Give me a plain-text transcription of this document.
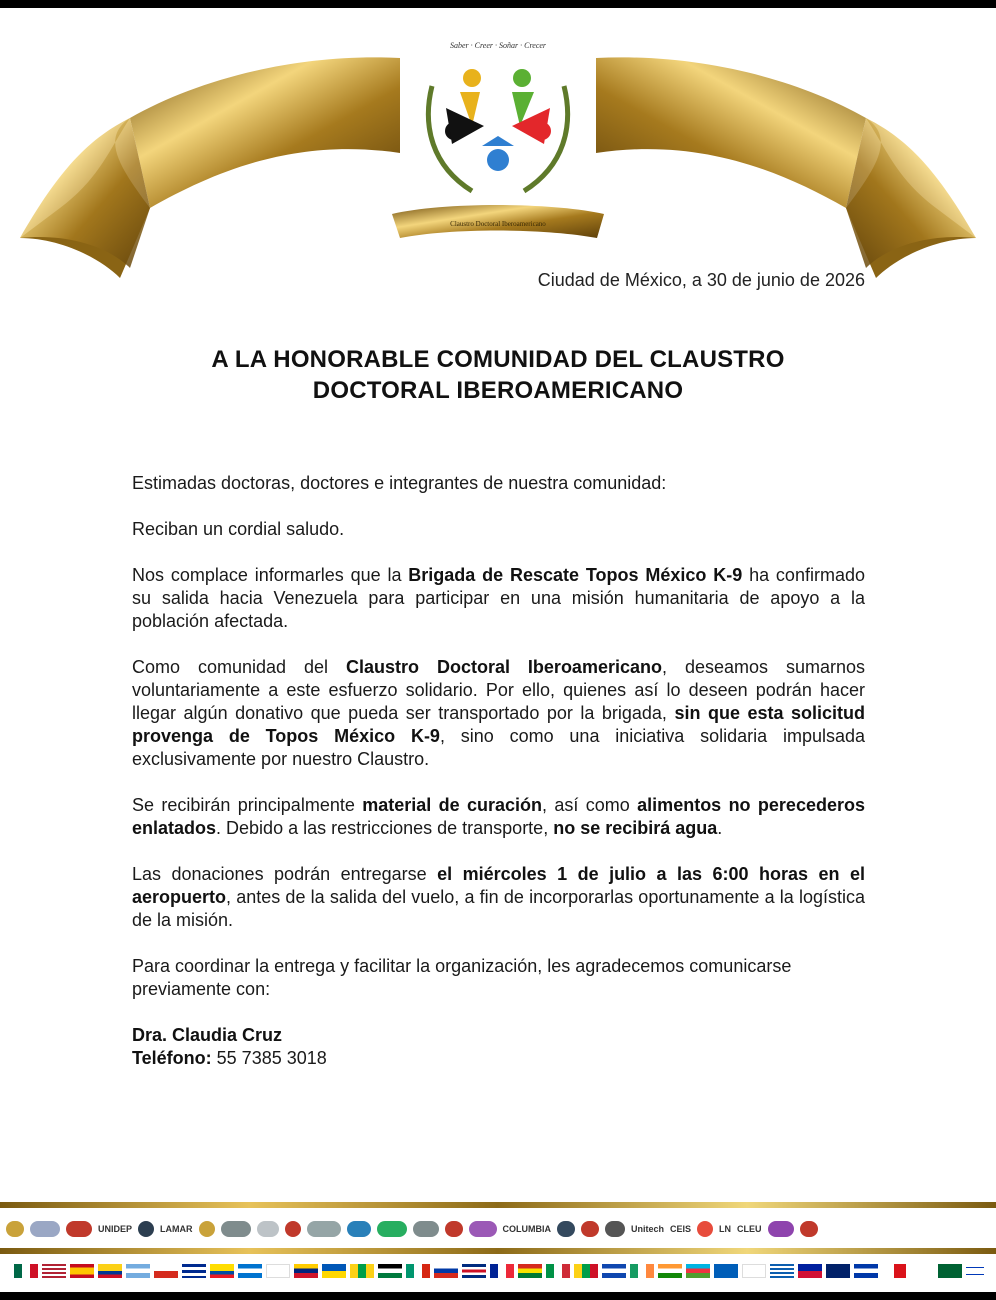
Claustro Doctoral Iberoamericano
Saber · Creer · Soñar · Crecer
Ciudad de México, a 30 de junio de 2026
A LA HONORABLE COMUNIDAD DEL CLAUSTRO
DOCTORAL IBEROAMERICANO

Estimadas doctoras, doctores e integrantes de nuestra comunidad:

Reciban un cordial saludo.

Nos complace informarles que la Brigada de Rescate Topos México K-9 ha confirmado su salida hacia Venezuela para participar en una misión humanitaria de apoyo a la población afectada.

Como comunidad del Claustro Doctoral Iberoamericano, deseamos sumarnos voluntariamente a este esfuerzo solidario. Por ello, quienes así lo deseen podrán hacer llegar algún donativo que pueda ser transportado por la brigada, sin que esta solicitud provenga de Topos México K-9, sino como una iniciativa solidaria impulsada exclusivamente por nuestro Claustro.

Se recibirán principalmente material de curación, así como alimentos no perecederos enlatados. Debido a las restricciones de transporte, no se recibirá agua.

Las donaciones podrán entregarse el miércoles 1 de julio a las 6:00 horas en el aeropuerto, antes de la salida del vuelo, a fin de incorporarlas oportunamente a la logística de la misión.

Para coordinar la entrega y facilitar la organización, les agradecemos comunicarse previamente con:

Dra. Claudia Cruz
Teléfono: 55 7385 3018
UNIDEP	LAMAR	COLUMBIA	Unitech CEIS	LN CLEU
